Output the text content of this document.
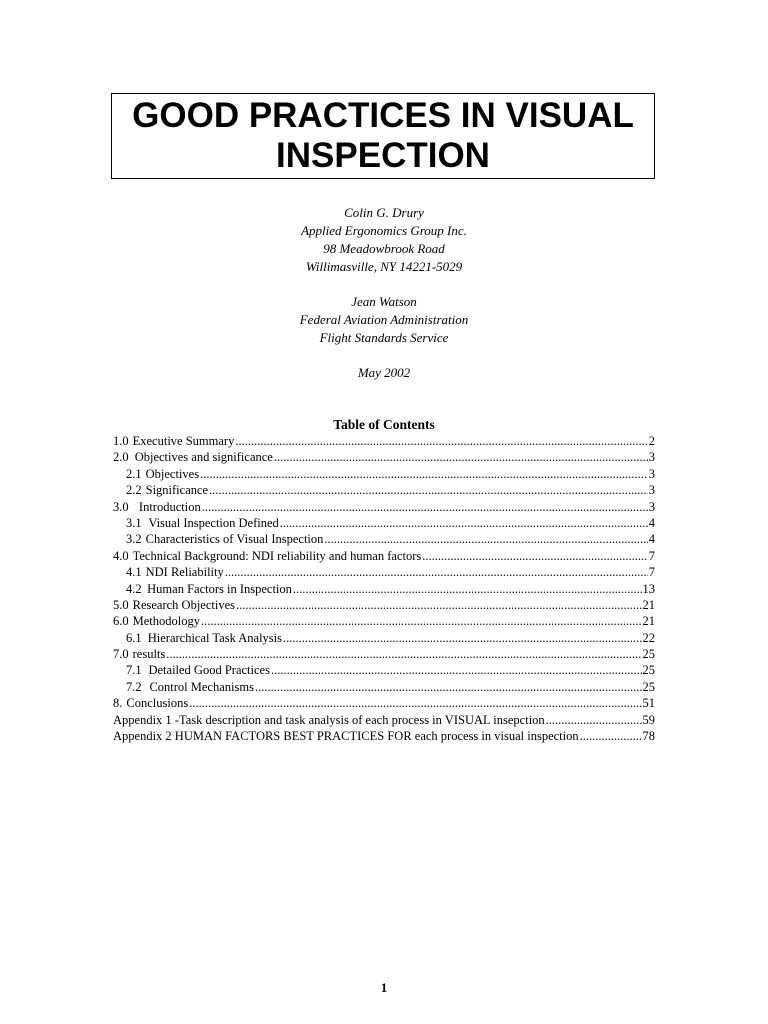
GOOD PRACTICES IN VISUAL
INSPECTION
Colin G. Drury
Applied Ergonomics Group Inc.
98 Meadowbrook Road
Willimasville, NY 14221-5029
Jean Watson
Federal Aviation Administration
Flight Standards Service
May 2002
Table of Contents
1.0 Executive Summary .....	2
2.0 Objectives and significance .....	3
2.1 Objectives .....	3
2.2 Significance .....	3
3.0 Introduction .....	3
3.1 Visual Inspection Defined .....	4
3.2 Characteristics of Visual Inspection .....	4
4.0 Technical Background: NDI reliability and human factors .....	7
4.1 NDI Reliability .....	7
4.2 Human Factors in Inspection .....	13
5.0 Research Objectives .....	21
6.0 Methodology .....	21
6.1 Hierarchical Task Analysis .....	22
7.0 results .....	25
7.1 Detailed Good Practices .....	25
7.2 Control Mechanisms .....	25
8. Conclusions .....	51
Appendix 1 -Task description and task analysis of each process in VISUAL insepction .....	59
Appendix 2 HUMAN FACTORS BEST PRACTICES FOR each process in visual inspection .....	78
1
